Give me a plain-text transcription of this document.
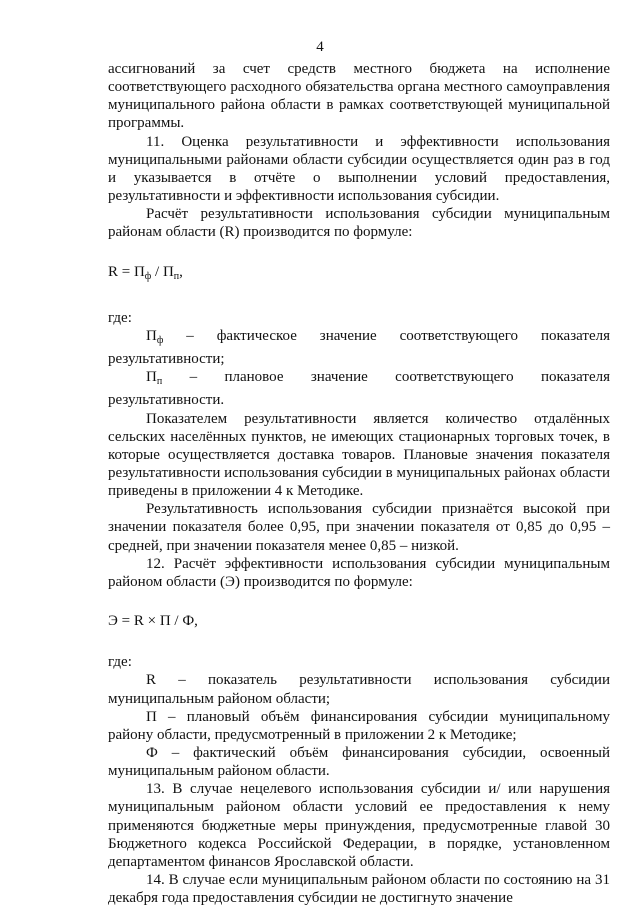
4

ассигнований за счет средств местного бюджета на исполнение соответствующего расходного обязательства органа местного самоуправления муниципального района области в рамках соответствующей муниципальной программы.

11. Оценка результативности и эффективности использования муниципальными районами области субсидии осуществляется один раз в год и указывается в отчёте о выполнении условий предоставления, результативности и эффективности использования субсидии.

Расчёт результативности использования субсидии муниципальным районам области (R) производится по формуле:

$R = П_ф / П_п$,

где:

$П_ф$ – фактическое значение соответствующего показателя результативности;

$П_п$ – плановое значение соответствующего показателя результативности.

Показателем результативности является количество отдалённых сельских населённых пунктов, не имеющих стационарных торговых точек, в которые осуществляется доставка товаров. Плановые значения показателя результативности использования субсидии в муниципальных районах области приведены в приложении 4 к Методике.

Результативность использования субсидии признаётся высокой при значении показателя более 0,95, при значении показателя от 0,85 до 0,95 – средней, при значении показателя менее 0,85 – низкой.

12. Расчёт эффективности использования субсидии муниципальным районом области (Э) производится по формуле:

Э = R × П / Ф,

где:

R – показатель результативности использования субсидии муниципальным районом области;

П – плановый объём финансирования субсидии муниципальному району области, предусмотренный в приложении 2 к Методике;

Ф – фактический объём финансирования субсидии, освоенный муниципальным районом области.

13. В случае нецелевого использования субсидии и/ или нарушения муниципальным районом области условий ее предоставления к нему применяются бюджетные меры принуждения, предусмотренные главой 30 Бюджетного кодекса Российской Федерации, в порядке, установленном департаментом финансов Ярославской области.

14. В случае если муниципальным районом области по состоянию на 31 декабря года предоставления субсидии не достигнуто значение
